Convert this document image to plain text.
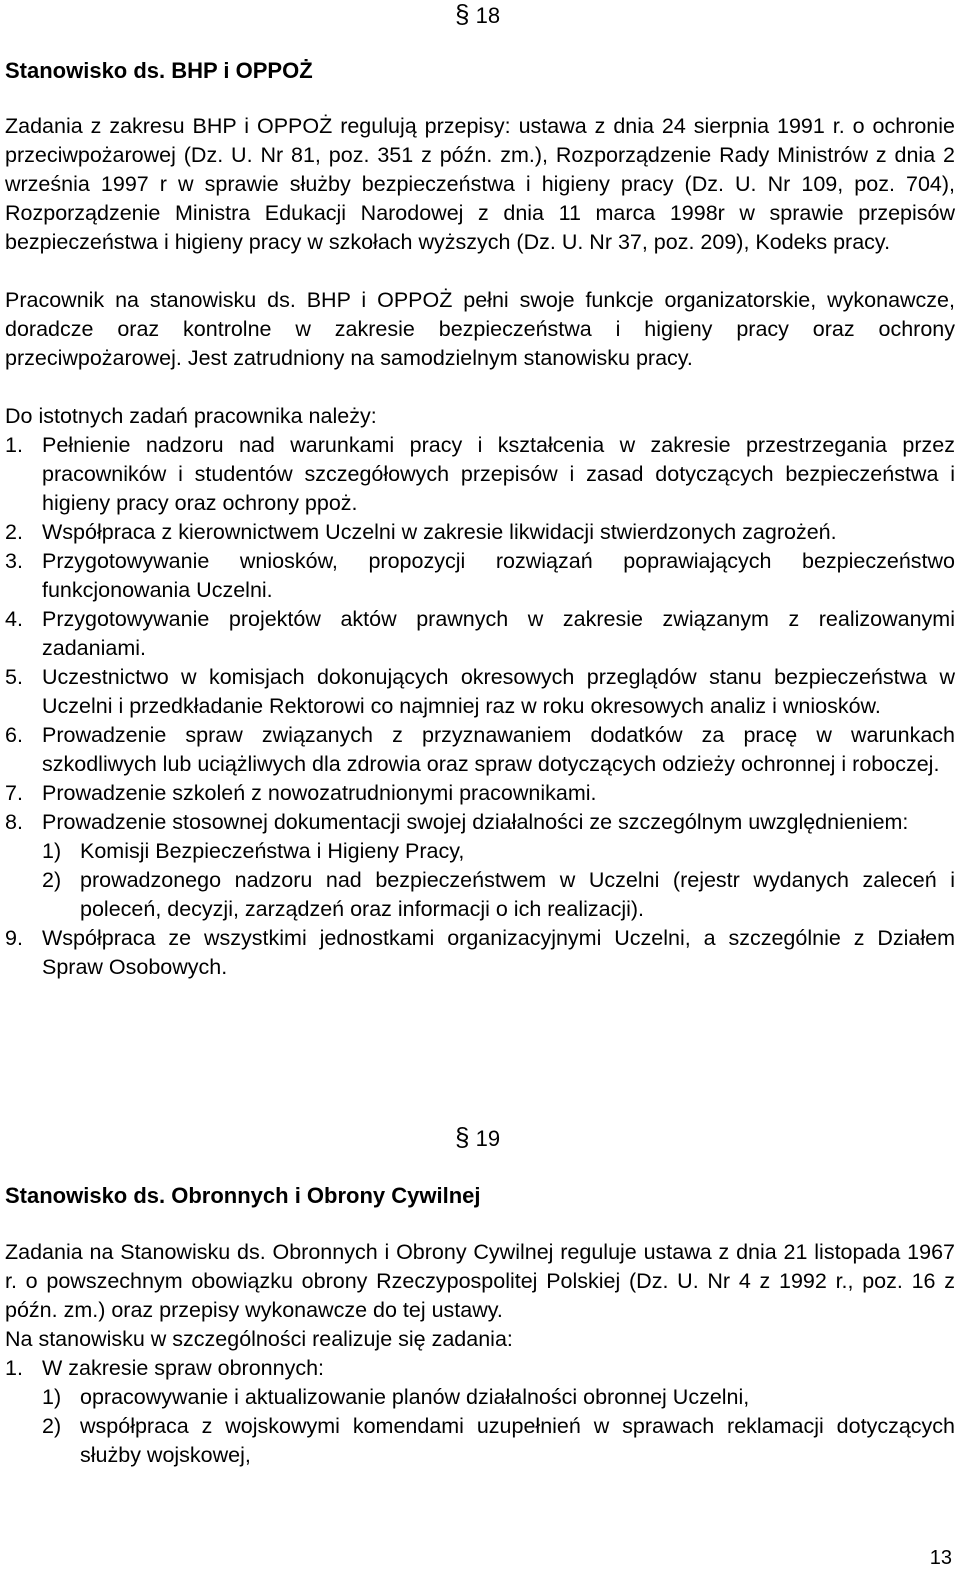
§ 18
Stanowisko ds. BHP i OPPOŻ
Zadania z zakresu BHP i OPPOŻ regulują przepisy: ustawa z dnia 24 sierpnia 1991 r. o ochronie przeciwpożarowej (Dz. U. Nr 81, poz. 351 z późn. zm.), Rozporządzenie Rady Ministrów z dnia 2 września 1997 r w sprawie służby bezpieczeństwa i higieny pracy (Dz. U. Nr 109, poz. 704), Rozporządzenie Ministra Edukacji Narodowej z dnia 11 marca 1998r w sprawie przepisów bezpieczeństwa i higieny pracy w szkołach wyższych (Dz. U. Nr 37, poz. 209), Kodeks pracy.
Pracownik na stanowisku ds. BHP i OPPOŻ pełni swoje funkcje organizatorskie, wykonawcze, doradcze oraz kontrolne w zakresie bezpieczeństwa i higieny pracy oraz ochrony przeciwpożarowej. Jest zatrudniony na samodzielnym stanowisku pracy.
Do istotnych zadań pracownika należy:
1. Pełnienie nadzoru nad warunkami pracy i kształcenia w zakresie przestrzegania przez pracowników i studentów szczegółowych przepisów i zasad dotyczących bezpieczeństwa i higieny pracy oraz ochrony ppoż.
2. Współpraca z kierownictwem Uczelni w zakresie likwidacji stwierdzonych zagrożeń.
3. Przygotowywanie wniosków, propozycji rozwiązań poprawiających bezpieczeństwo funkcjonowania Uczelni.
4. Przygotowywanie projektów aktów prawnych w zakresie związanym z realizowanymi zadaniami.
5. Uczestnictwo w komisjach dokonujących okresowych przeglądów stanu bezpieczeństwa w Uczelni i przedkładanie Rektorowi co najmniej raz w roku okresowych analiz i wniosków.
6. Prowadzenie spraw związanych z przyznawaniem dodatków za pracę w warunkach szkodliwych lub uciążliwych dla zdrowia oraz spraw dotyczących odzieży ochronnej i roboczej.
7. Prowadzenie szkoleń z nowozatrudnionymi pracownikami.
8. Prowadzenie stosownej dokumentacji swojej działalności ze szczególnym uwzględnieniem:
1) Komisji Bezpieczeństwa i Higieny Pracy,
2) prowadzonego nadzoru nad bezpieczeństwem w Uczelni (rejestr wydanych zaleceń i poleceń, decyzji, zarządzeń oraz informacji o ich realizacji).
9. Współpraca ze wszystkimi jednostkami organizacyjnymi Uczelni, a szczególnie z Działem Spraw Osobowych.
§ 19
Stanowisko ds. Obronnych i Obrony Cywilnej
Zadania na Stanowisku ds. Obronnych i Obrony Cywilnej reguluje ustawa z dnia 21 listopada 1967 r. o powszechnym obowiązku obrony Rzeczypospolitej Polskiej (Dz. U. Nr 4 z 1992 r., poz. 16 z późn. zm.) oraz przepisy wykonawcze do tej ustawy.
Na stanowisku w szczególności realizuje się zadania:
1. W zakresie spraw obronnych:
1) opracowywanie i aktualizowanie planów działalności obronnej Uczelni,
2) współpraca z wojskowymi komendami uzupełnień w sprawach reklamacji dotyczących służby wojskowej,
13
